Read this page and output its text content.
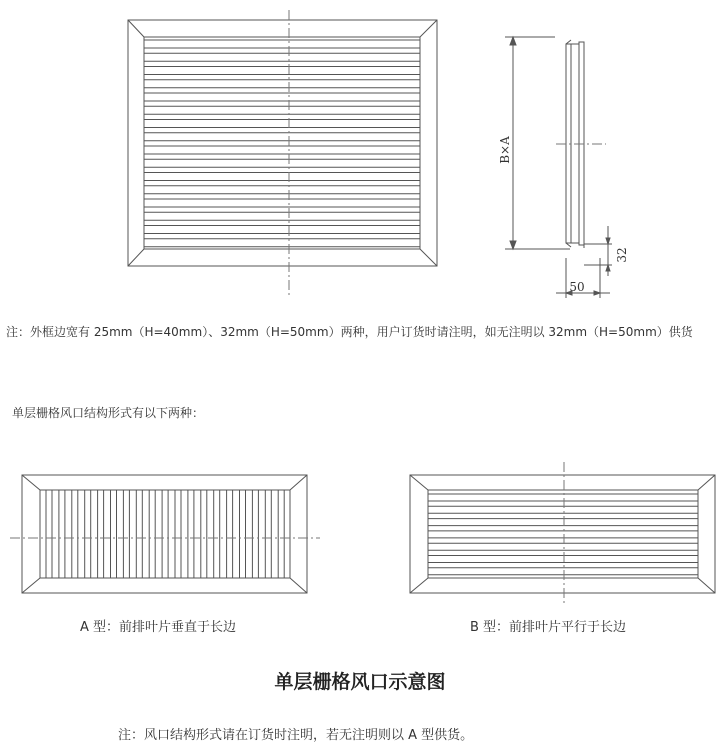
B×A
32
50
注：外框边宽有 25mm（H=40mm）、32mm（H=50mm）两种，用户订货时请注明，如无注明以 32mm（H=50mm）供货
单层栅格风口结构形式有以下两种：
A 型：前排叶片垂直于长边	B 型：前排叶片平行于长边
单层栅格风口示意图
注：风口结构形式请在订货时注明，若无注明则以 A 型供货。
